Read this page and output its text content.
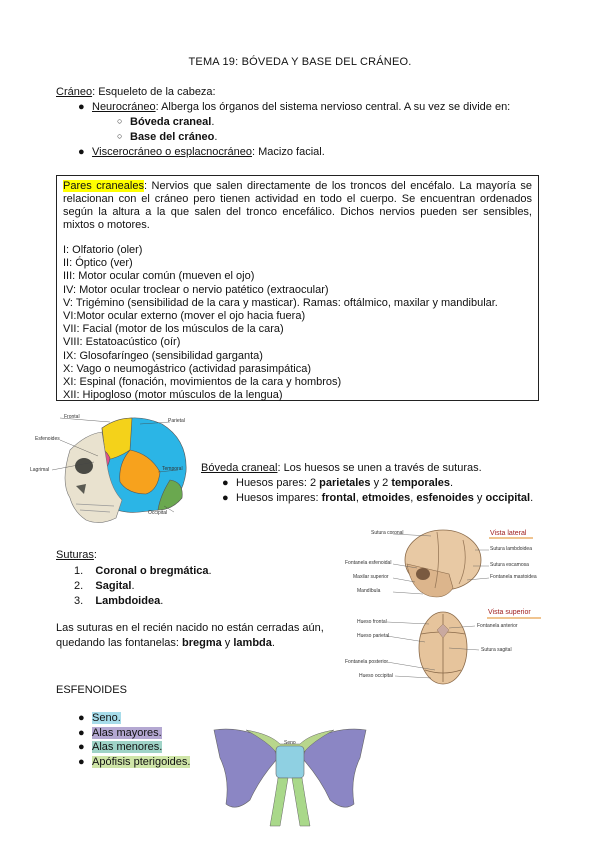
TEMA 19: BÓVEDA Y BASE DEL CRÁNEO.
Cráneo: Esqueleto de la cabeza:
● Neurocráneo: Alberga los órganos del sistema nervioso central. A su vez se divide en:
○ Bóveda craneal.
○ Base del cráneo.
● Viscerocráneo o esplacnocráneo: Macizo facial.

Pares craneales: Nervios que salen directamente de los troncos del encéfalo. La mayoría se relacionan con el cráneo pero tienen actividad en todo el cuerpo. Se encuentran ordenados según la altura a la que salen del tronco encefálico. Dichos nervios pueden ser sensibles, mixtos o motores.

I: Olfatorio (oler)
II: Óptico (ver)
III: Motor ocular común (mueven el ojo)
IV: Motor ocular troclear o nervio patético (extraocular)
V: Trigémino (sensibilidad de la cara y masticar). Ramas: oftálmico, maxilar y mandibular.
VI:Motor ocular externo (mover el ojo hacia fuera)
VII: Facial (motor de los músculos de la cara)
VIII: Estatoacústico (oír)
IX: Glosofaríngeo (sensibilidad garganta)
X: Vago o neumogástrico (actividad parasimpática)
XI: Espinal (fonación, movimientos de la cara y hombros)
XII: Hipogloso (motor músculos de la lengua)
Frontal
Esfenoides
Lagrimal
Parietal
Temporal
Occipital
Bóveda craneal: Los huesos se unen a través de suturas.
● Huesos pares: 2 parietales y 2 temporales.
● Huesos impares: frontal, etmoides, esfenoides y occipital.
Suturas:
1.    Coronal o bregmática.
2.    Sagital.
3.    Lambdoidea.
Las suturas en el recién nacido no están cerradas aún,
quedando las fontanelas: bregma y lambda.
Vista lateral
Sutura coronal
Fontanela esfenoidal
Maxilar superior
Mandíbula
Sutura lambdoidea
Sutura escamosa
Fontanela mastoidea
Vista superior
Hueso frontal
Hueso parietal
Fontanela posterior
Hueso occipital
Fontanela anterior
Sutura sagital
ESFENOIDES
● Seno.
● Alas mayores.
● Alas menores.
● Apófisis pterigoides.
Seno
